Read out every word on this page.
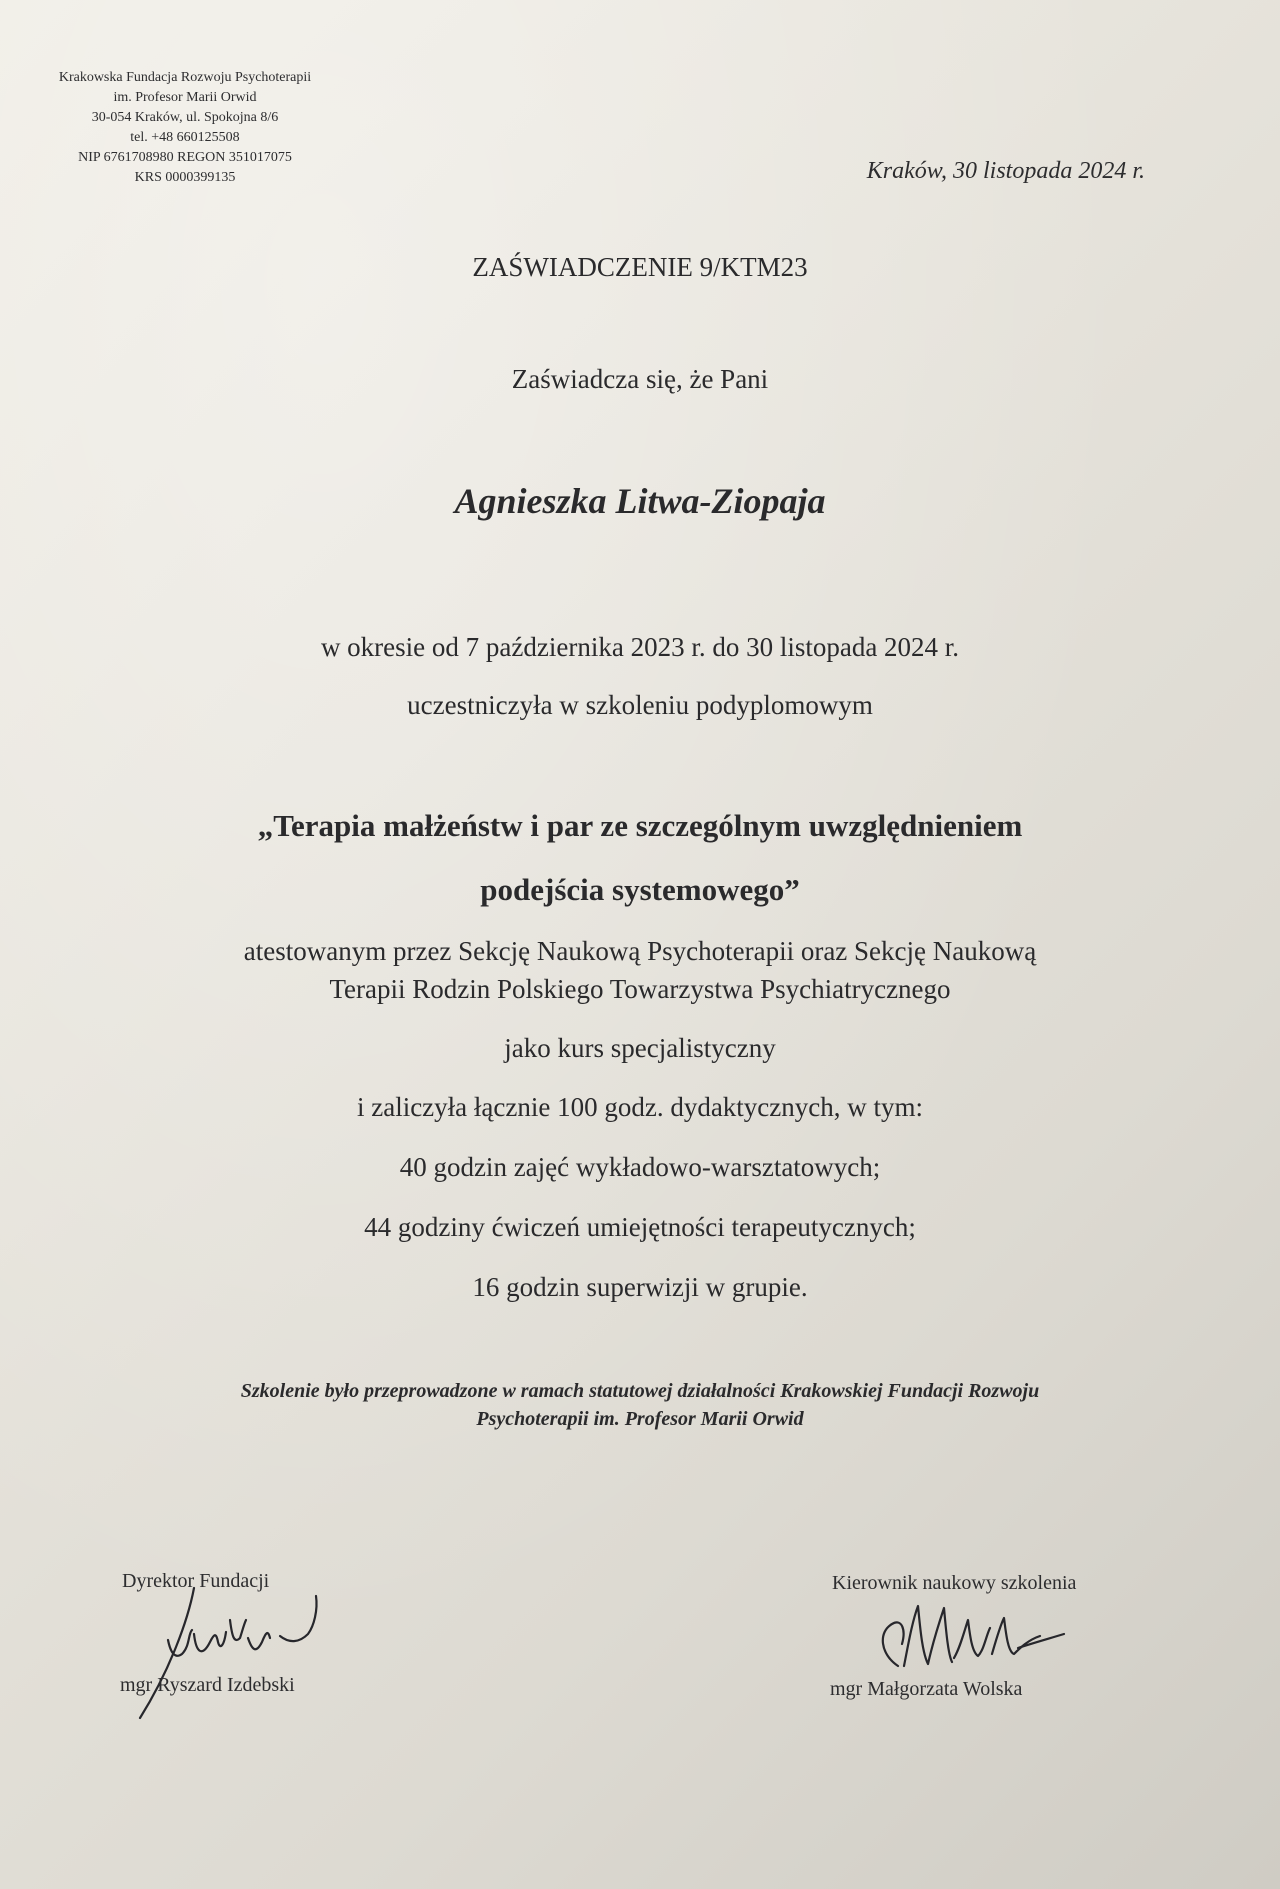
Krakowska Fundacja Rozwoju Psychoterapii
im. Profesor Marii Orwid
30-054 Kraków, ul. Spokojna 8/6
tel. +48 660125508
NIP 6761708980 REGON 351017075
KRS 0000399135	Kraków, 30 listopada 2024 r.
ZAŚWIADCZENIE 9/KTM23
Zaświadcza się, że Pani
Agnieszka Litwa-Ziopaja
w okresie od 7 października 2023 r. do 30 listopada 2024 r.
uczestniczyła w szkoleniu podyplomowym
„Terapia małżeństw i par ze szczególnym uwzględnieniem
podejścia systemowego”
atestowanym przez Sekcję Naukową Psychoterapii oraz Sekcję Naukową
Terapii Rodzin Polskiego Towarzystwa Psychiatrycznego
jako kurs specjalistyczny
i zaliczyła łącznie 100 godz. dydaktycznych, w tym:
40 godzin zajęć wykładowo-warsztatowych;
44 godziny ćwiczeń umiejętności terapeutycznych;
16 godzin superwizji w grupie.
Szkolenie było przeprowadzone w ramach statutowej działalności Krakowskiej Fundacji Rozwoju
Psychoterapii im. Profesor Marii Orwid
Dyrektor Fundacji
mgr Ryszard Izdebski
Kierownik naukowy szkolenia
mgr Małgorzata Wolska
